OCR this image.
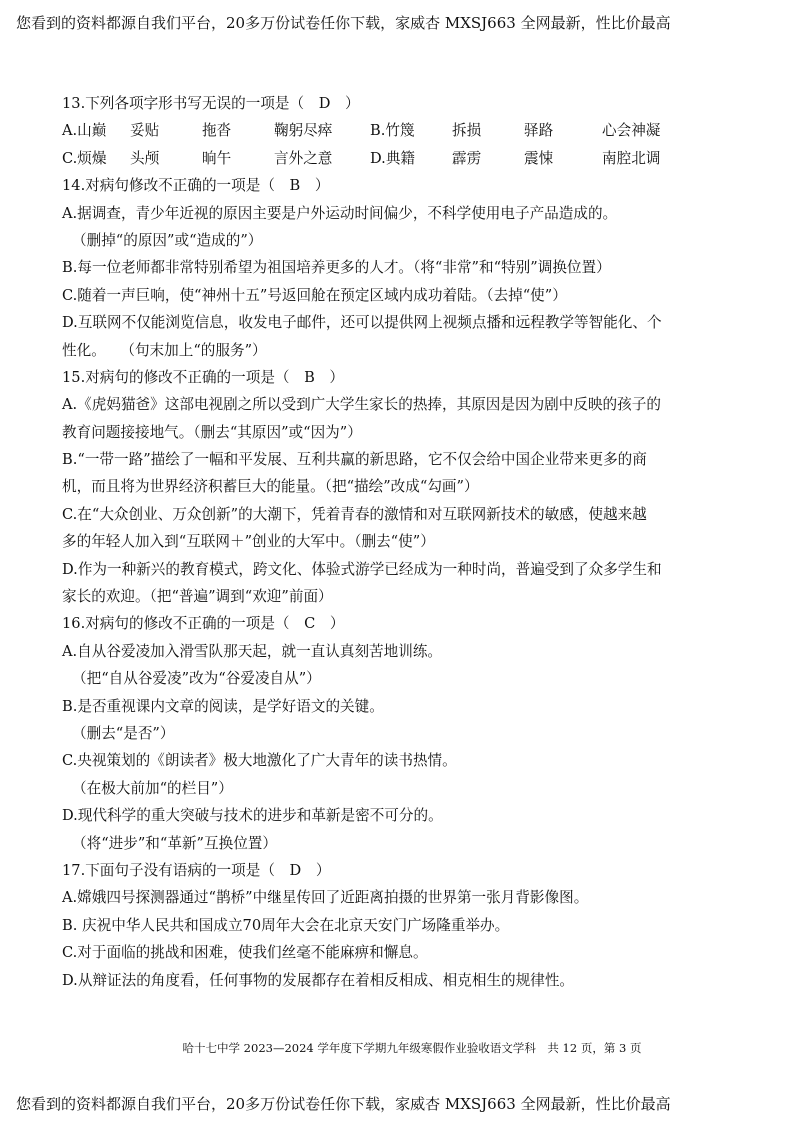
您看到的资料都源自我们平台，20多万份试卷任你下载，家威杏 MXSJ663 全网最新，性比价最高
13.下列各项字形书写无误的一项是（　D　）
A.山巅	妥贴	拖沓	鞠躬尽瘁	B.竹篾	拆损	驿路	心会神凝
C.烦燥	头颅	晌午	言外之意	D.典籍	霹雳	震悚	南腔北调
14.对病句修改不正确的一项是（　B　）
A.据调查，青少年近视的原因主要是户外运动时间偏少，不科学使用电子产品造成的。
（删掉“的原因”或“造成的”）
B.每一位老师都非常特别希望为祖国培养更多的人才。（将“非常”和“特别”调换位置）
C.随着一声巨响，使“神州十五”号返回舱在预定区域内成功着陆。（去掉“使”）
D.互联网不仅能浏览信息，收发电子邮件，还可以提供网上视频点播和远程教学等智能化、个
性化。　　（句末加上“的服务”）
15.对病句的修改不正确的一项是（　B　）
A.《虎妈猫爸》这部电视剧之所以受到广大学生家长的热捧，其原因是因为剧中反映的孩子的
教育问题接接地气。（删去“其原因”或“因为”）
B.“一带一路”描绘了一幅和平发展、互利共赢的新思路，它不仅会给中国企业带来更多的商
机，而且将为世界经济积蓄巨大的能量。（把“描绘”改成“勾画”）
C.在“大众创业、万众创新”的大潮下，凭着青春的激情和对互联网新技术的敏感，使越来越
多的年轻人加入到“互联网＋”创业的大军中。（删去“使”）
D.作为一种新兴的教育模式，跨文化、体验式游学已经成为一种时尚，普遍受到了众多学生和
家长的欢迎。（把“普遍”调到“欢迎”前面）
16.对病句的修改不正确的一项是（　C　）
A.自从谷爱凌加入滑雪队那天起，就一直认真刻苦地训练。
（把“自从谷爱凌”改为“谷爱凌自从”）
B.是否重视课内文章的阅读，是学好语文的关键。
（删去“是否”）
C.央视策划的《朗读者》极大地激化了广大青年的读书热情。
（在极大前加“的栏目”）
D.现代科学的重大突破与技术的进步和革新是密不可分的。
（将“进步”和“革新”互换位置）
17.下面句子没有语病的一项是（　D　）
A.嫦娥四号探测器通过“鹊桥”中继星传回了近距离拍摄的世界第一张月背影像图。
B. 庆祝中华人民共和国成立70周年大会在北京天安门广场隆重举办。
C.对于面临的挑战和困难，使我们丝毫不能麻痹和懈息。
D.从辩证法的角度看，任何事物的发展都存在着相反相成、相克相生的规律性。
哈十七中学 2023—2024 学年度下学期九年级寒假作业验收语文学科　共 12 页，第 3 页
您看到的资料都源自我们平台，20多万份试卷任你下载，家威杏 MXSJ663 全网最新，性比价最高
